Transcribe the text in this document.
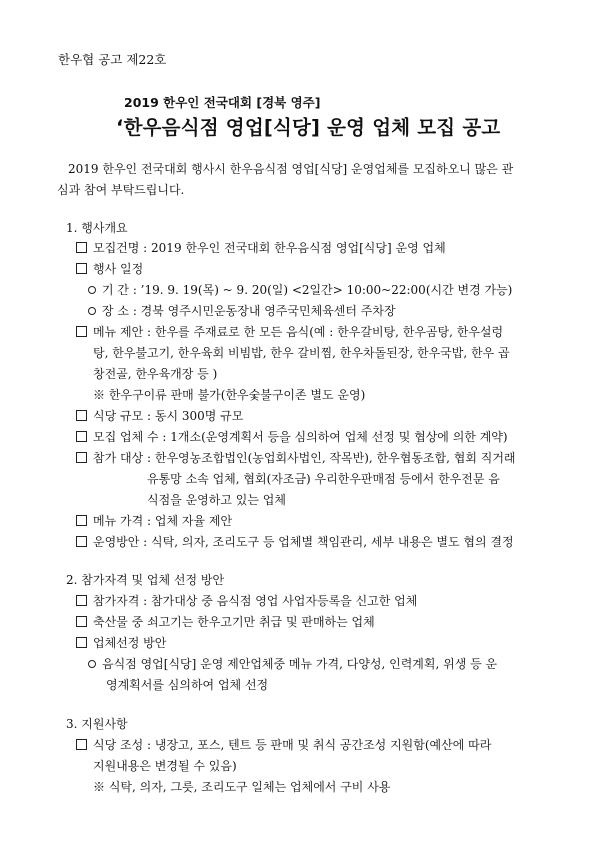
한우협 공고 제22호
2019 한우인 전국대회 [경북 영주]
‘한우음식점 영업[식당] 운영 업체 모집 공고
2019 한우인 전국대회 행사시 한우음식점 영업[식당] 운영업체를 모집하오니 많은 관
심과 참여 부탁드립니다.
1. 행사개요
모집건명 : 2019 한우인 전국대회 한우음식점 영업[식당] 운영 업체
행사 일정
기 간 : ’19. 9. 19(목) ~ 9. 20(일) <2일간> 10:00~22:00(시간 변경 가능)
장 소 : 경북 영주시민운동장내 영주국민체육센터 주차장
메뉴 제안 : 한우를 주재료로 한 모든 음식(예 : 한우갈비탕, 한우곰탕, 한우설렁
탕, 한우불고기, 한우육회 비빔밥, 한우 갈비찜, 한우차돌된장, 한우국밥, 한우 곱
창전골, 한우육개장 등 )
※ 한우구이류 판매 불가(한우숯불구이존 별도 운영)
식당 규모 : 동시 300명 규모
모집 업체 수 : 1개소(운영계획서 등을 심의하여 업체 선정 및 협상에 의한 계약)
참가 대상 : 한우영농조합법인(농업회사법인, 작목반), 한우협동조합, 협회 직거래
유통망 소속 업체, 협회(자조금) 우리한우판매점 등에서 한우전문 음
식점을 운영하고 있는 업체
메뉴 가격 : 업체 자율 제안
운영방안 : 식탁, 의자, 조리도구 등 업체별 책임관리, 세부 내용은 별도 협의 결정
2. 참가자격 및 업체 선정 방안
참가자격 : 참가대상 중 음식점 영업 사업자등록을 신고한 업체
축산물 중 쇠고기는 한우고기만 취급 및 판매하는 업체
업체선정 방안
음식점 영업[식당] 운영 제안업체중 메뉴 가격, 다양성, 인력계획, 위생 등 운
영계획서를 심의하여 업체 선정
3. 지원사항
식당 조성 : 냉장고, 포스, 텐트 등 판매 및 취식 공간조성 지원함(예산에 따라
지원내용은 변경될 수 있음)
※ 식탁, 의자, 그릇, 조리도구 일체는 업체에서 구비 사용
